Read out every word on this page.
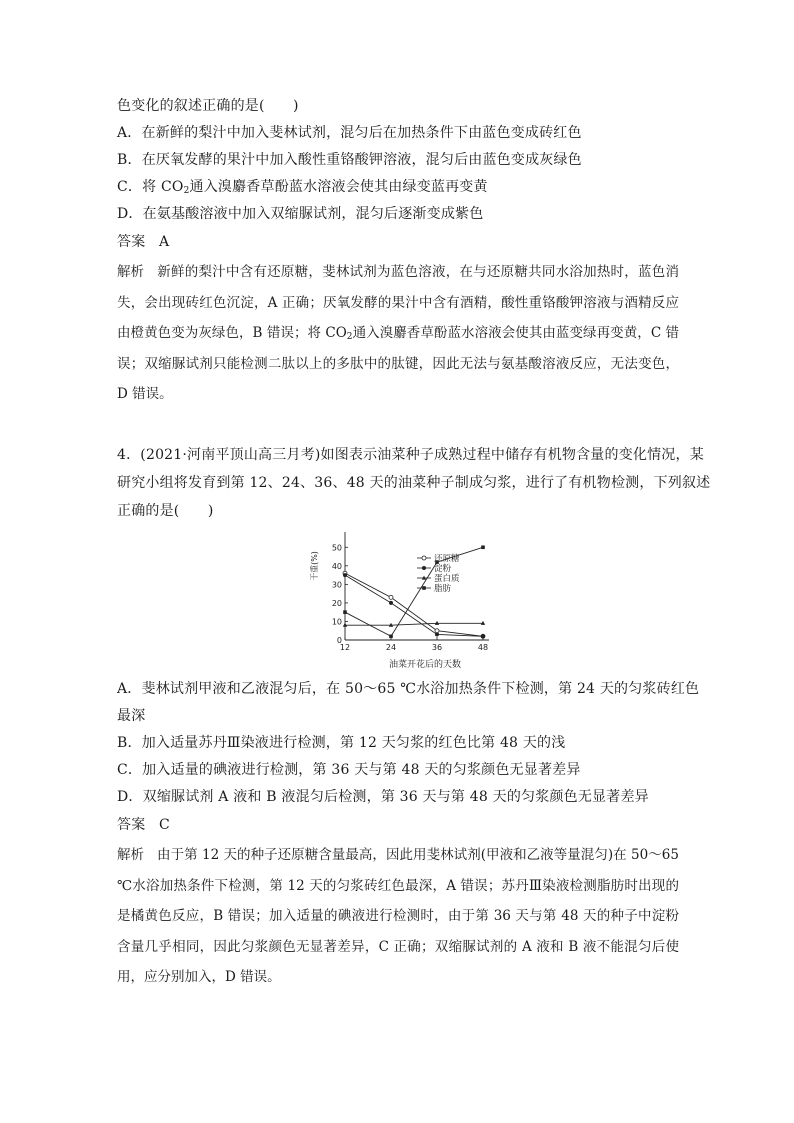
色变化的叙述正确的是(　　)
A．在新鲜的梨汁中加入斐林试剂，混匀后在加热条件下由蓝色变成砖红色
B．在厌氧发酵的果汁中加入酸性重铬酸钾溶液，混匀后由蓝色变成灰绿色
C．将 $CO_2$通入溴麝香草酚蓝水溶液会使其由绿变蓝再变黄
D．在氨基酸溶液中加入双缩脲试剂，混匀后逐渐变成紫色
答案 A
解析 新鲜的梨汁中含有还原糖，斐林试剂为蓝色溶液，在与还原糖共同水浴加热时，蓝色消失，会出现砖红色沉淀，A 正确；厌氧发酵的果汁中含有酒精，酸性重铬酸钾溶液与酒精反应由橙黄色变为灰绿色，B 错误；将 $CO_2$通入溴麝香草酚蓝水溶液会使其由蓝变绿再变黄，C 错误；双缩脲试剂只能检测二肽以上的多肽中的肽键，因此无法与氨基酸溶液反应，无法变色，D 错误。
4．(2021·河南平顶山高三月考)如图表示油菜种子成熟过程中储存有机物含量的变化情况，某
研究小组将发育到第 12、24、36、48 天的油菜种子制成匀浆，进行了有机物检测，下列叙述
正确的是(　　)
0
10
20
30
40
50
12	24	36	48
还原糖
淀粉
蛋白质
脂肪
干重(%)
油菜开花后的天数
A．斐林试剂甲液和乙液混匀后，在 50～65 ℃水浴加热条件下检测，第 24 天的匀浆砖红色
最深
B．加入适量苏丹Ⅲ染液进行检测，第 12 天匀浆的红色比第 48 天的浅
C．加入适量的碘液进行检测，第 36 天与第 48 天的匀浆颜色无显著差异
D．双缩脲试剂 A 液和 B 液混匀后检测，第 36 天与第 48 天的匀浆颜色无显著差异
答案 C
解析 由于第 12 天的种子还原糖含量最高，因此用斐林试剂(甲液和乙液等量混匀)在 50～65 ℃水浴加热条件下检测，第 12 天的匀浆砖红色最深，A 错误；苏丹Ⅲ染液检测脂肪时出现的是橘黄色反应，B 错误；加入适量的碘液进行检测时，由于第 36 天与第 48 天的种子中淀粉含量几乎相同，因此匀浆颜色无显著差异，C 正确；双缩脲试剂的 A 液和 B 液不能混匀后使用，应分别加入，D 错误。
